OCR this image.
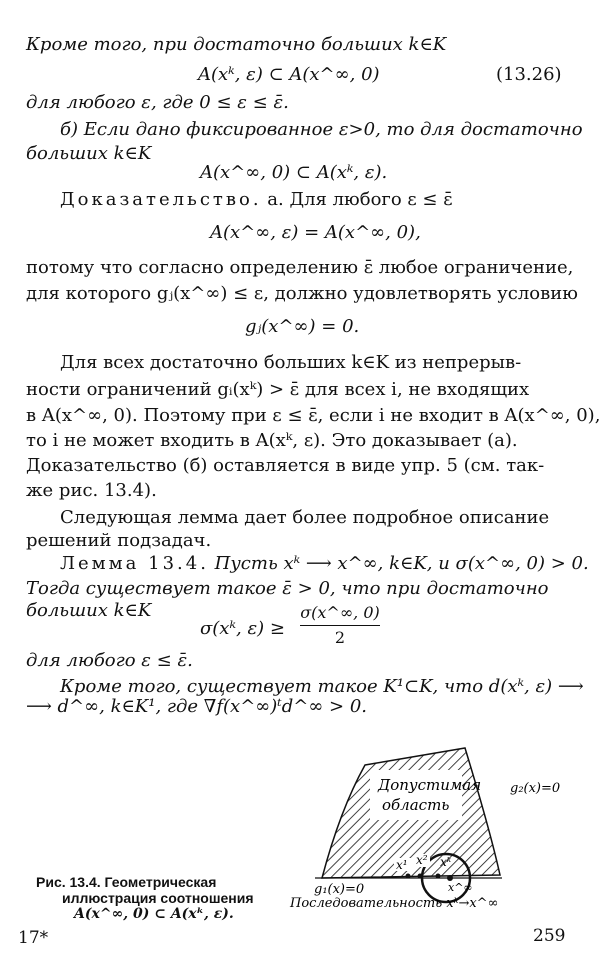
Кроме того, при достаточно больших k∈K
A(xᵏ, ε) ⊂ A(x^∞, 0)	(13.26)
для любого ε, где 0 ≤ ε ≤ ε̄.
б) Если дано фиксированное ε>0, то для достаточно
больших k∈K
A(x^∞, 0) ⊂ A(xᵏ, ε).
Доказательство. а. Для любого ε ≤ ε̄
A(x^∞, ε) = A(x^∞, 0),
потому что согласно определению ε̄ любое ограничение,
для которого gⱼ(x^∞) ≤ ε, должно удовлетворять условию
gⱼ(x^∞) = 0.
Для всех достаточно больших k∈K из непрерыв-
ности ограничений gᵢ(xᵏ) > ε̄ для всех i, не входящих
в A(x^∞, 0). Поэтому при ε ≤ ε̄, если i не входит в A(x^∞, 0),
то i не может входить в A(xᵏ, ε). Это доказывает (а).
Доказательство (б) оставляется в виде упр. 5 (см. так-
же рис. 13.4).
Следующая лемма дает более подробное описание
решений подзадач.
Лемма 13.4. Пусть xᵏ ⟶ x^∞, k∈K, и σ(x^∞, 0) > 0.
Тогда существует такое ε̄ > 0, что при достаточно
больших k∈K
σ(xᵏ, ε) ≥
σ(x^∞, 0)
2
для любого ε ≤ ε̄.
Кроме того, существует такое K¹⊂K, что d(xᵏ, ε) ⟶
⟶ d^∞, k∈K¹, где ∇f(x^∞)ᵗd^∞ > 0.
Допустимая
область
g₂(x)=0
g₁(x)=0
x¹ x² xᵏ
x^∞
Последовательность xᵏ→x^∞
Рис. 13.4. Геометрическая
иллюстрация соотношения
A(x^∞, 0) ⊂ A(xᵏ, ε).
17*	259
